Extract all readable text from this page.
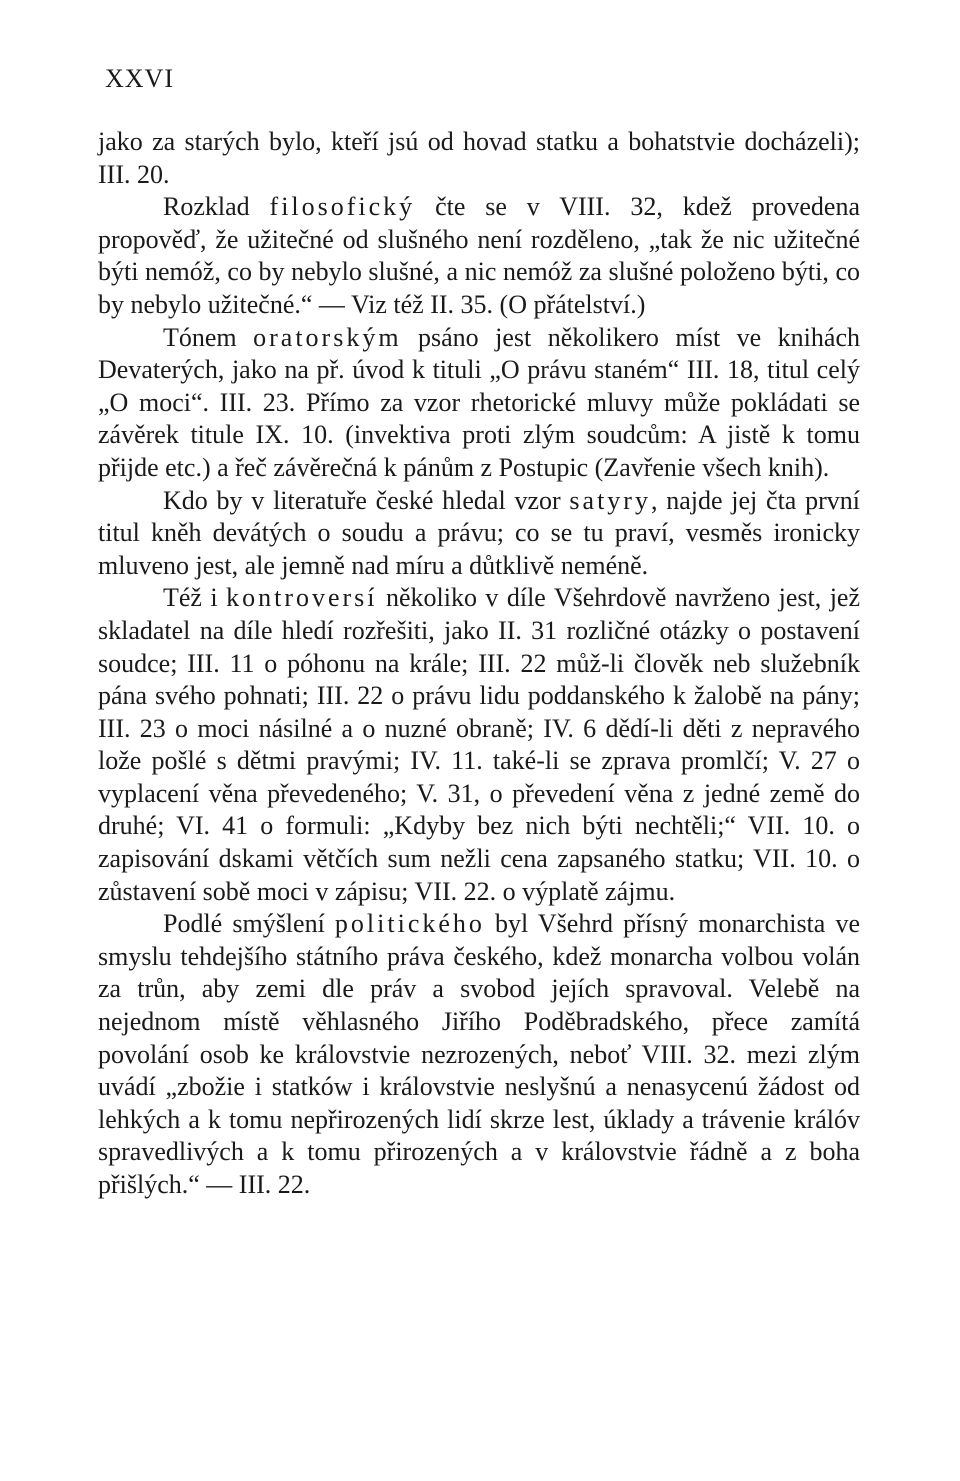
XXVI

jako za starých bylo, kteří jsú od hovad statku a bohatstvie docházeli); III. 20.

Rozklad filosofický čte se v VIII. 32, kdež provedena propověď, že užitečné od slušného není rozděleno, „tak že nic užitečné býti nemóž, co by nebylo slušné, a nic nemóž za slušné položeno býti, co by nebylo užitečné.“ — Viz též II. 35. (O přátelství.)

Tónem oratorským psáno jest několikero míst ve knihách Devaterých, jako na př. úvod k tituli „O právu staném“ III. 18, titul celý „O moci“. III. 23. Přímo za vzor rhetorické mluvy může pokládati se závěrek titule IX. 10. (invektiva proti zlým soudcům: A jistě k tomu přijde etc.) a řeč závěrečná k pánům z Postupic (Zavřenie všech knih).

Kdo by v literatuře české hledal vzor satyry, najde jej čta první titul kněh devátých o soudu a právu; co se tu praví, vesměs ironicky mluveno jest, ale jemně nad míru a důtklivě neméně.

Též i kontroversí několiko v díle Všehrdově navrženo jest, jež skladatel na díle hledí rozřešiti, jako II. 31 rozličné otázky o postavení soudce; III. 11 o póhonu na krále; III. 22 můž-li člověk neb služebník pána svého pohnati; III. 22 o právu lidu poddanského k žalobě na pány; III. 23 o moci násilné a o nuzné obraně; IV. 6 dědí-li děti z nepravého lože pošlé s dětmi pravými; IV. 11. také-li se zprava promlčí; V. 27 o vyplacení věna převedeného; V. 31, o převedení věna z jedné země do druhé; VI. 41 o formuli: „Kdyby bez nich býti nechtěli;“ VII. 10. o zapisování dskami větčích sum nežli cena zapsaného statku; VII. 10. o zůstavení sobě moci v zápisu; VII. 22. o výplatě zájmu.

Podlé smýšlení politického byl Všehrd přísný monarchista ve smyslu tehdejšího státního práva českého, kdež monarcha volbou volán za trůn, aby zemi dle práv a svobod jejích spravoval. Velebě na nejednom místě věhlasného Jiřího Poděbradského, přece zamítá povolání osob ke královstvie nezrozených, neboť VIII. 32. mezi zlým uvádí „zbožie i statków i královstvie neslyšnú a nenasycenú žádost od lehkých a k tomu nepřirozených lidí skrze lest, úklady a trávenie králóv spravedlivých a k tomu přirozených a v královstvie řádně a z boha přišlých.“ — III. 22.
